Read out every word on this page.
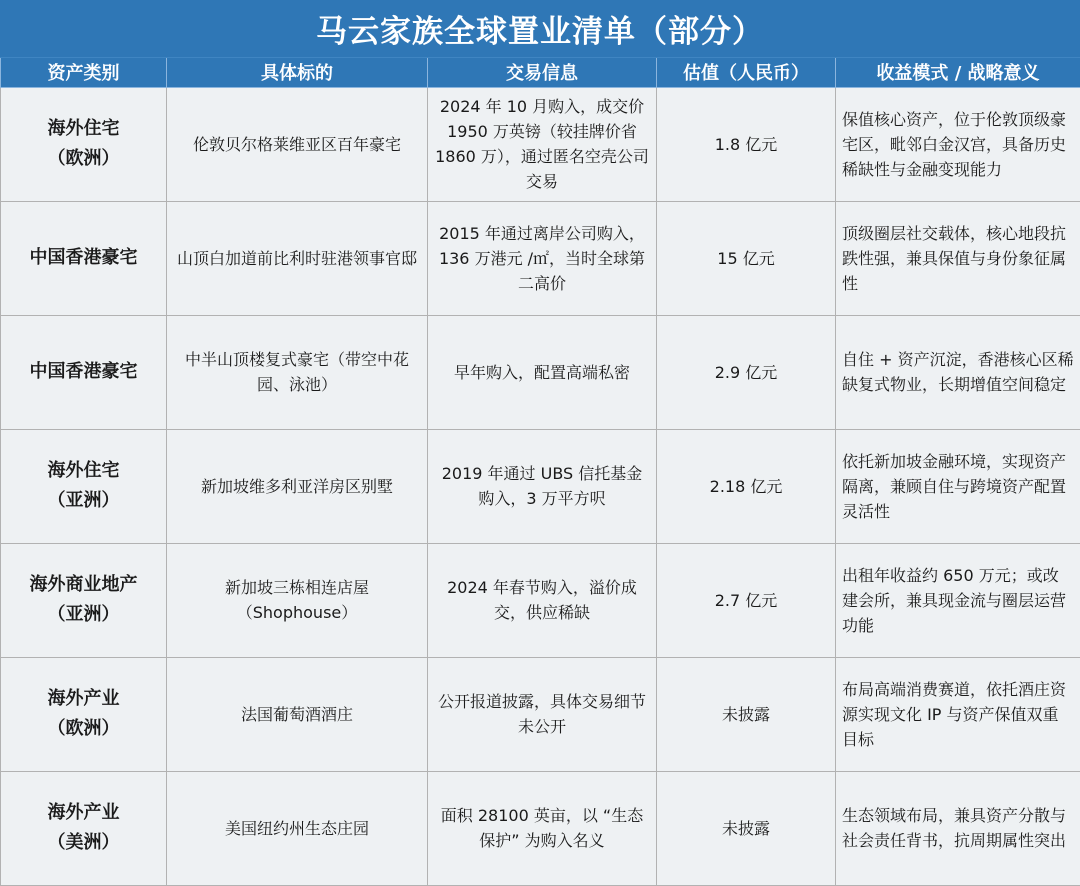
马云家族全球置业清单（部分）
资产类别	具体标的	交易信息	估值（人民币）	收益模式 / 战略意义

海外住宅
（欧洲）	伦敦贝尔格莱维亚区百年豪宅	2024 年 10 月购入，成交价 1950 万英镑（较挂牌价省 1860 万），通过匿名空壳公司交易	1.8 亿元	保值核心资产，位于伦敦顶级豪宅区，毗邻白金汉宫，具备历史稀缺性与金融变现能力

中国香港豪宅	山顶白加道前比利时驻港领事官邸	2015 年通过离岸公司购入，136 万港元 /㎡，当时全球第二高价	15 亿元	顶级圈层社交载体，核心地段抗跌性强，兼具保值与身份象征属性

中国香港豪宅	中半山顶楼复式豪宅（带空中花园、泳池）	早年购入，配置高端私密	2.9 亿元	自住 + 资产沉淀，香港核心区稀缺复式物业，长期增值空间稳定

海外住宅
（亚洲）	新加坡维多利亚洋房区别墅	2019 年通过 UBS 信托基金购入，3 万平方呎	2.18 亿元	依托新加坡金融环境，实现资产隔离，兼顾自住与跨境资产配置灵活性

海外商业地产
（亚洲）	新加坡三栋相连店屋（Shophouse）	2024 年春节购入，溢价成交，供应稀缺	2.7 亿元	出租年收益约 650 万元；或改建会所，兼具现金流与圈层运营功能

海外产业
（欧洲）	法国葡萄酒酒庄	公开报道披露，具体交易细节未公开	未披露	布局高端消费赛道，依托酒庄资源实现文化 IP 与资产保值双重目标

海外产业
（美洲）	美国纽约州生态庄园	面积 28100 英亩，以 “生态保护” 为购入名义	未披露	生态领域布局，兼具资产分散与社会责任背书，抗周期属性突出
